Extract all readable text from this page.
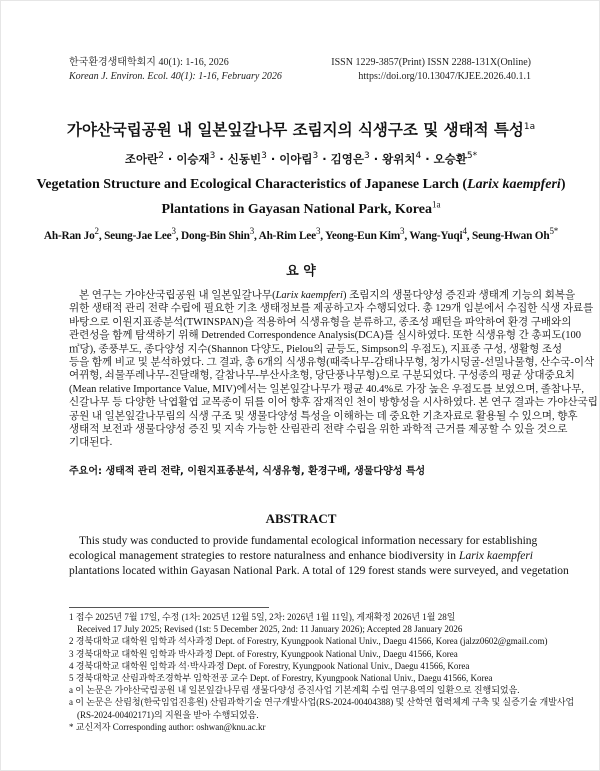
한국환경생태학회지 40(1): 1-16, 2026
Korean J. Environ. Ecol. 40(1): 1-16, February 2026
ISSN 1229-3857(Print) ISSN 2288-131X(Online)
https://doi.org/10.13047/KJEE.2026.40.1.1
가야산국립공원 내 일본잎갈나무 조림지의 식생구조 및 생태적 특성$^{1a}$
조아란$^2$ · 이승재$^3$ · 신동빈$^3$ · 이아림$^3$ · 김영은$^3$ · 왕위치$^4$ · 오승환$^{5*}$
Vegetation Structure and Ecological Characteristics of Japanese Larch (Larix kaempferi)
Plantations in Gayasan National Park, Korea$^{1a}$
Ah-Ran Jo$^2$, Seung-Jae Lee$^3$, Dong-Bin Shin$^3$, Ah-Rim Lee$^3$, Yeong-Eun Kim$^3$, Wang-Yuqi$^4$, Seung-Hwan $Oh^{5*}$
요 약
본 연구는 가야산국립공원 내 일본잎갈나무(Larix kaempferi) 조림지의 생물다양성 증진과 생태계 기능의 회복을
위한 생태적 관리 전략 수립에 필요한 기초 생태정보를 제공하고자 수행되었다. 총 129개 임분에서 수집한 식생 자료를
바탕으로 이원지표종분석(TWINSPAN)을 적용하여 식생유형을 분류하고, 종조성 패턴을 파악하여 환경 구배와의
관련성을 함께 탐색하기 위해 Detrended Correspondence Analysis(DCA)를 실시하였다. 또한 식생유형 간 총피도(100
㎡당), 종풍부도, 종다양성 지수(Shannon 다양도, Pielou의 균등도, Simpson의 우점도), 지표종 구성, 생활형 조성
등을 함께 비교 및 분석하였다. 그 결과, 총 6개의 식생유형(때죽나무-감태나무형, 청가시덩굴-선밀나물형, 산수국-이삭
여뀌형, 쇠물푸레나무-진달래형, 갈참나무-부산사초형, 당단풍나무형)으로 구분되었다. 구성종의 평균 상대중요치
(Mean relative Importance Value, MIV)에서는 일본잎갈나무가 평균 40.4%로 가장 높은 우점도를 보였으며, 졸참나무,
신갈나무 등 다양한 낙엽활엽 교목종이 뒤를 이어 향후 잠재적인 천이 방향성을 시사하였다. 본 연구 결과는 가야산국립
공원 내 일본잎갈나무림의 식생 구조 및 생물다양성 특성을 이해하는 데 중요한 기초자료로 활용될 수 있으며, 향후
생태적 보전과 생물다양성 증진 및 지속 가능한 산림관리 전략 수립을 위한 과학적 근거를 제공할 수 있을 것으로
기대된다.
주요어: 생태적 관리 전략, 이원지표종분석, 식생유형, 환경구배, 생물다양성 특성
ABSTRACT
This study was conducted to provide fundamental ecological information necessary for establishing
ecological management strategies to restore naturalness and enhance biodiversity in Larix kaempferi
plantations located within Gayasan National Park. A total of 129 forest stands were surveyed, and vegetation
1 접수 2025년 7월 17일, 수정 (1차: 2025년 12월 5일, 2차: 2026년 1월 11일), 게재확정 2026년 1월 28일
Received 17 July 2025; Revised (1st: 5 December 2025, 2nd: 11 January 2026); Accepted 28 January 2026
2 경북대학교 대학원 임학과 석사과정 Dept. of Forestry, Kyungpook National Univ., Daegu 41566, Korea (jalzz0602@gmail.com)
3 경북대학교 대학원 임학과 박사과정 Dept. of Forestry, Kyungpook National Univ., Daegu 41566, Korea
4 경북대학교 대학원 임학과 석·박사과정 Dept. of Forestry, Kyungpook National Univ., Daegu 41566, Korea
5 경북대학교 산림과학조경학부 임학전공 교수 Dept. of Forestry, Kyungpook National Univ., Daegu 41566, Korea
a 이 논문은 가야산국립공원 내 일본잎갈나무림 생물다양성 증진사업 기본계획 수립 연구용역의 일환으로 진행되었음.
a 이 논문은 산림청(한국임업진흥원) 산림과학기술 연구개발사업(RS-2024-00404388) 및 산학연 협력체계 구축 및 실증기술 개발사업
(RS-2024-00402171)의 지원을 받아 수행되었음.
* 교신저자 Corresponding author: oshwan@knu.ac.kr
